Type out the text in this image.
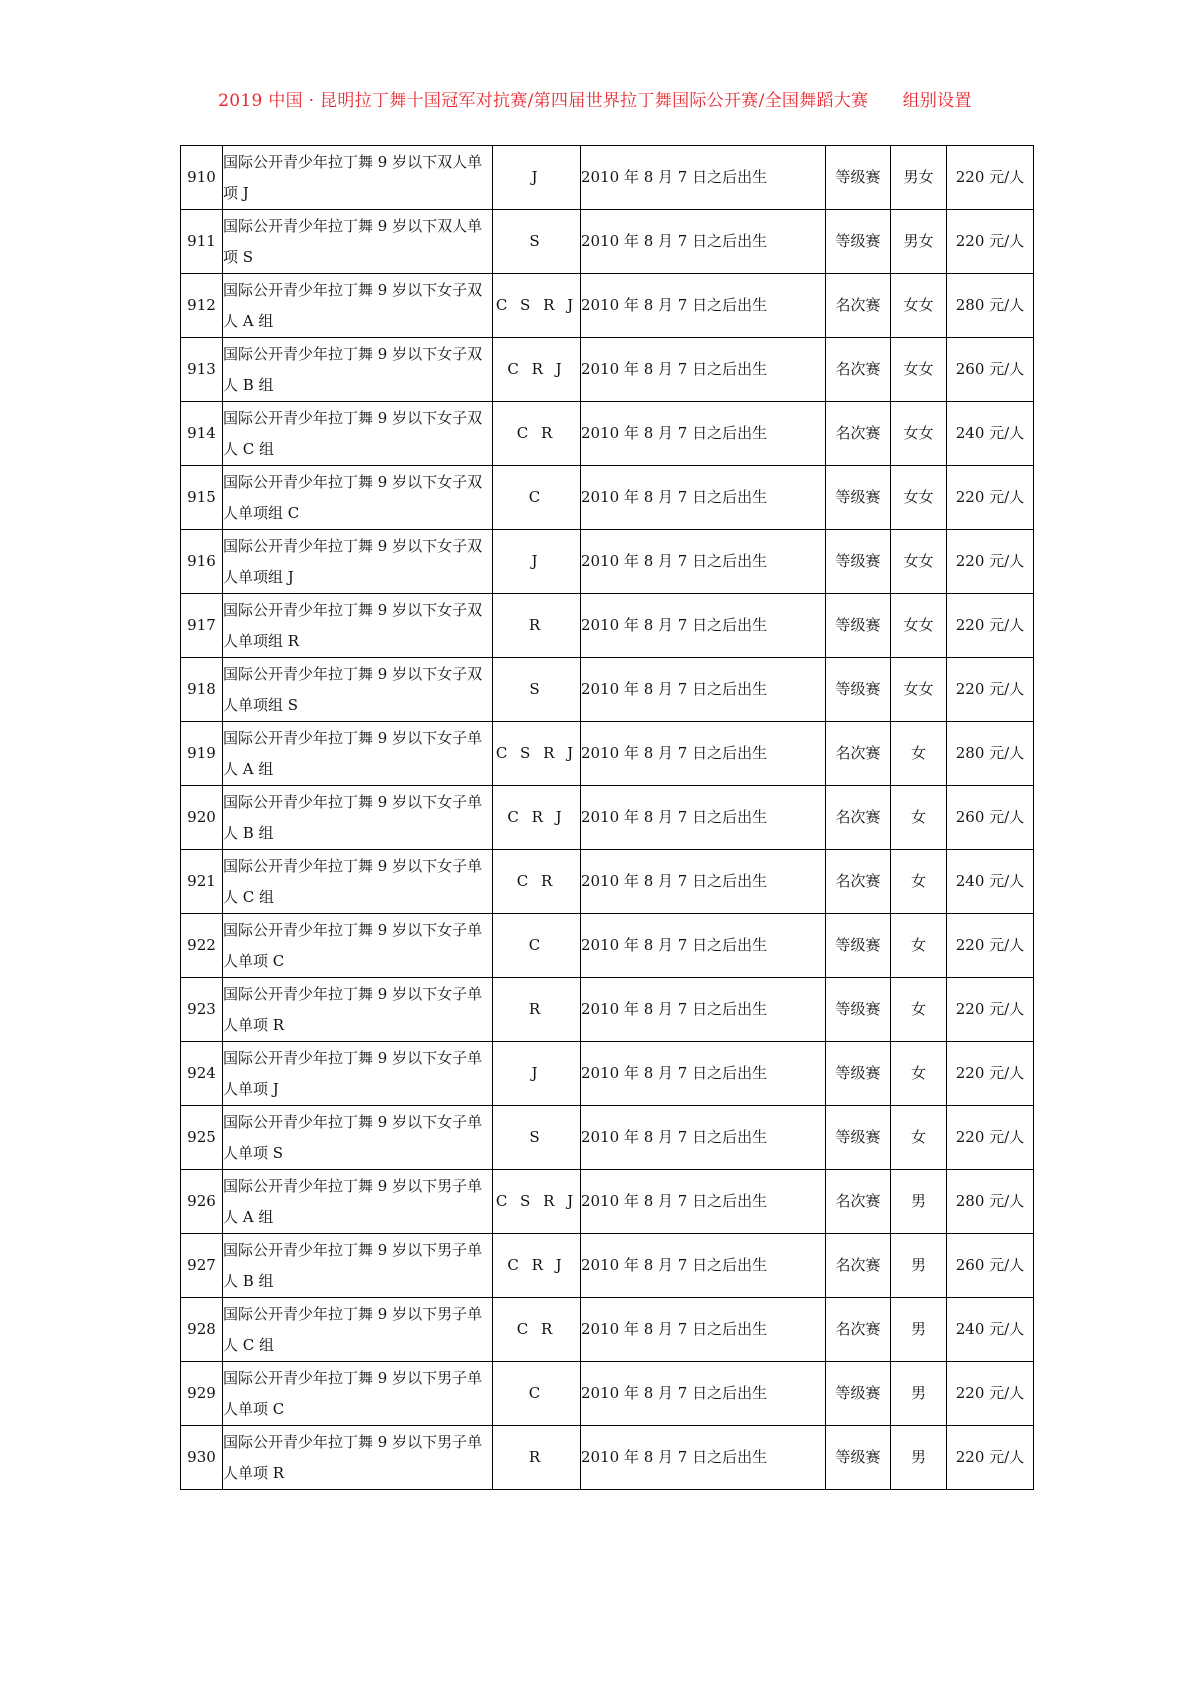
2019 中国 · 昆明拉丁舞十国冠军对抗赛/第四届世界拉丁舞国际公开赛/全国舞蹈大赛      组别设置
910	国际公开青少年拉丁舞 9 岁以下双人单项 J	J	2010 年 8 月 7 日之后出生	等级赛	男女	220 元/人
911	国际公开青少年拉丁舞 9 岁以下双人单项 S	S	2010 年 8 月 7 日之后出生	等级赛	男女	220 元/人
912	国际公开青少年拉丁舞 9 岁以下女子双人 A 组	C S R J	2010 年 8 月 7 日之后出生	名次赛	女女	280 元/人
913	国际公开青少年拉丁舞 9 岁以下女子双人 B 组	C R J	2010 年 8 月 7 日之后出生	名次赛	女女	260 元/人
914	国际公开青少年拉丁舞 9 岁以下女子双人 C 组	C R	2010 年 8 月 7 日之后出生	名次赛	女女	240 元/人
915	国际公开青少年拉丁舞 9 岁以下女子双人单项组 C	C	2010 年 8 月 7 日之后出生	等级赛	女女	220 元/人
916	国际公开青少年拉丁舞 9 岁以下女子双人单项组 J	J	2010 年 8 月 7 日之后出生	等级赛	女女	220 元/人
917	国际公开青少年拉丁舞 9 岁以下女子双人单项组 R	R	2010 年 8 月 7 日之后出生	等级赛	女女	220 元/人
918	国际公开青少年拉丁舞 9 岁以下女子双人单项组 S	S	2010 年 8 月 7 日之后出生	等级赛	女女	220 元/人
919	国际公开青少年拉丁舞 9 岁以下女子单人 A 组	C S R J	2010 年 8 月 7 日之后出生	名次赛	女	280 元/人
920	国际公开青少年拉丁舞 9 岁以下女子单人 B 组	C R J	2010 年 8 月 7 日之后出生	名次赛	女	260 元/人
921	国际公开青少年拉丁舞 9 岁以下女子单人 C 组	C R	2010 年 8 月 7 日之后出生	名次赛	女	240 元/人
922	国际公开青少年拉丁舞 9 岁以下女子单人单项 C	C	2010 年 8 月 7 日之后出生	等级赛	女	220 元/人
923	国际公开青少年拉丁舞 9 岁以下女子单人单项 R	R	2010 年 8 月 7 日之后出生	等级赛	女	220 元/人
924	国际公开青少年拉丁舞 9 岁以下女子单人单项 J	J	2010 年 8 月 7 日之后出生	等级赛	女	220 元/人
925	国际公开青少年拉丁舞 9 岁以下女子单人单项 S	S	2010 年 8 月 7 日之后出生	等级赛	女	220 元/人
926	国际公开青少年拉丁舞 9 岁以下男子单人 A 组	C S R J	2010 年 8 月 7 日之后出生	名次赛	男	280 元/人
927	国际公开青少年拉丁舞 9 岁以下男子单人 B 组	C R J	2010 年 8 月 7 日之后出生	名次赛	男	260 元/人
928	国际公开青少年拉丁舞 9 岁以下男子单人 C 组	C R	2010 年 8 月 7 日之后出生	名次赛	男	240 元/人
929	国际公开青少年拉丁舞 9 岁以下男子单人单项 C	C	2010 年 8 月 7 日之后出生	等级赛	男	220 元/人
930	国际公开青少年拉丁舞 9 岁以下男子单人单项 R	R	2010 年 8 月 7 日之后出生	等级赛	男	220 元/人
